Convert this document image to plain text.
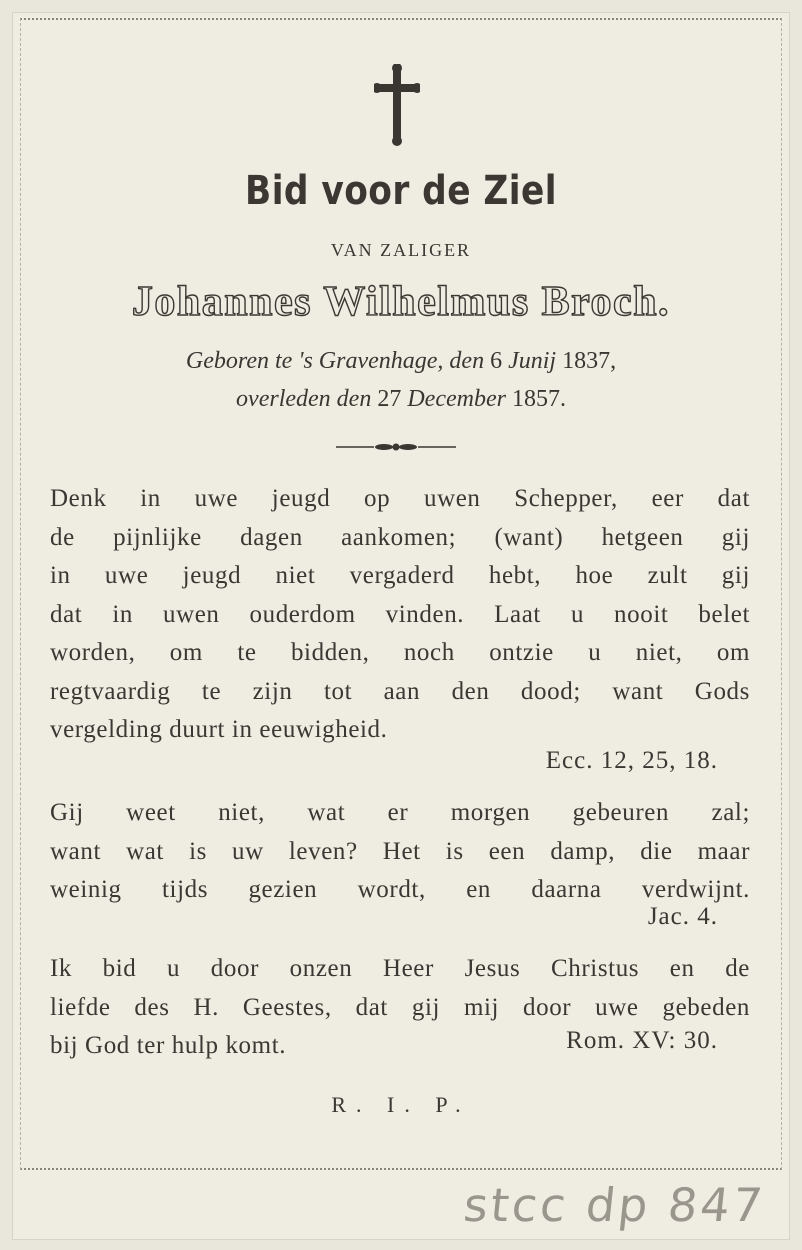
Bid voor de Ziel
VAN ZALIGER
Johannes Wilhelmus Broch.
Geboren te 's Gravenhage, den 6 Junij 1837,
overleden den 27 December 1857.
Denk in uwe jeugd op uwen Schepper, eer dat
de pijnlijke dagen aankomen; (want) hetgeen gij
in uwe jeugd niet vergaderd hebt, hoe zult gij
dat in uwen ouderdom vinden. Laat u nooit belet
worden, om te bidden, noch ontzie u niet, om
regtvaardig te zijn tot aan den dood; want Gods
vergelding duurt in eeuwigheid.
Ecc. 12, 25, 18.
Gij weet niet, wat er morgen gebeuren zal;
want wat is uw leven? Het is een damp, die maar
weinig tijds gezien wordt, en daarna verdwijnt.
Jac. 4.
Ik bid u door onzen Heer Jesus Christus en de
liefde des H. Geestes, dat gij mij door uwe gebeden
bij God ter hulp komt.	Rom. XV: 30.
R. I. P.
stcc dp 847
